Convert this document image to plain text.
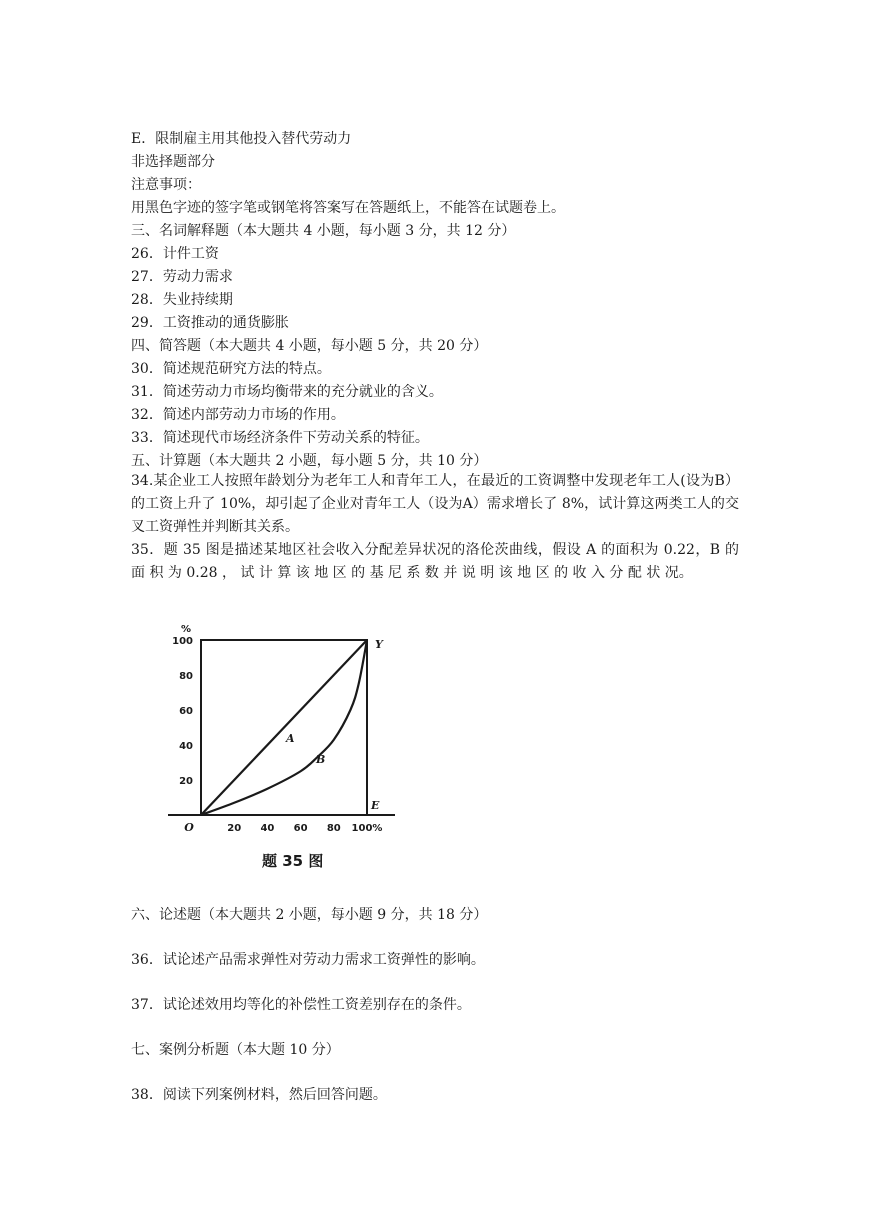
E．限制雇主用其他投入替代劳动力
非选择题部分
注意事项：
用黑色字迹的签字笔或钢笔将答案写在答题纸上，不能答在试题卷上。
三、名词解释题（本大题共 4 小题，每小题 3 分，共 12 分）
26．计件工资
27．劳动力需求
28．失业持续期
29．工资推动的通货膨胀
四、简答题（本大题共 4 小题，每小题 5 分，共 20 分）
30．简述规范研究方法的特点。
31．简述劳动力市场均衡带来的充分就业的含义。
32．简述内部劳动力市场的作用。
33．简述现代市场经济条件下劳动关系的特征。
五、计算题（本大题共 2 小题，每小题 5 分，共 10 分）
34.某企业工人按照年龄划分为老年工人和青年工人，在最近的工资调整中发现老年工人(设为B）的工资上升了 10%，却引起了企业对青年工人（设为A）需求增长了 8%，试计算这两类工人的交叉工资弹性并判断其关系。
35．题 35 图是描述某地区社会收入分配差异状况的洛伦茨曲线，假设 A 的面积为 0.22，B 的 面 积 为 0.28 ， 试 计 算 该 地 区 的 基 尼 系 数 并 说 明 该 地 区 的 收 入 分 配 状 况。
%
20
40
60
80
100
O	20 40 60 80 100%
Y
E
A
B
题 35 图
六、论述题（本大题共 2 小题，每小题 9 分，共 18 分）
36．试论述产品需求弹性对劳动力需求工资弹性的影响。
37．试论述效用均等化的补偿性工资差别存在的条件。
七、案例分析题（本大题 10 分）
38．阅读下列案例材料，然后回答问题。
